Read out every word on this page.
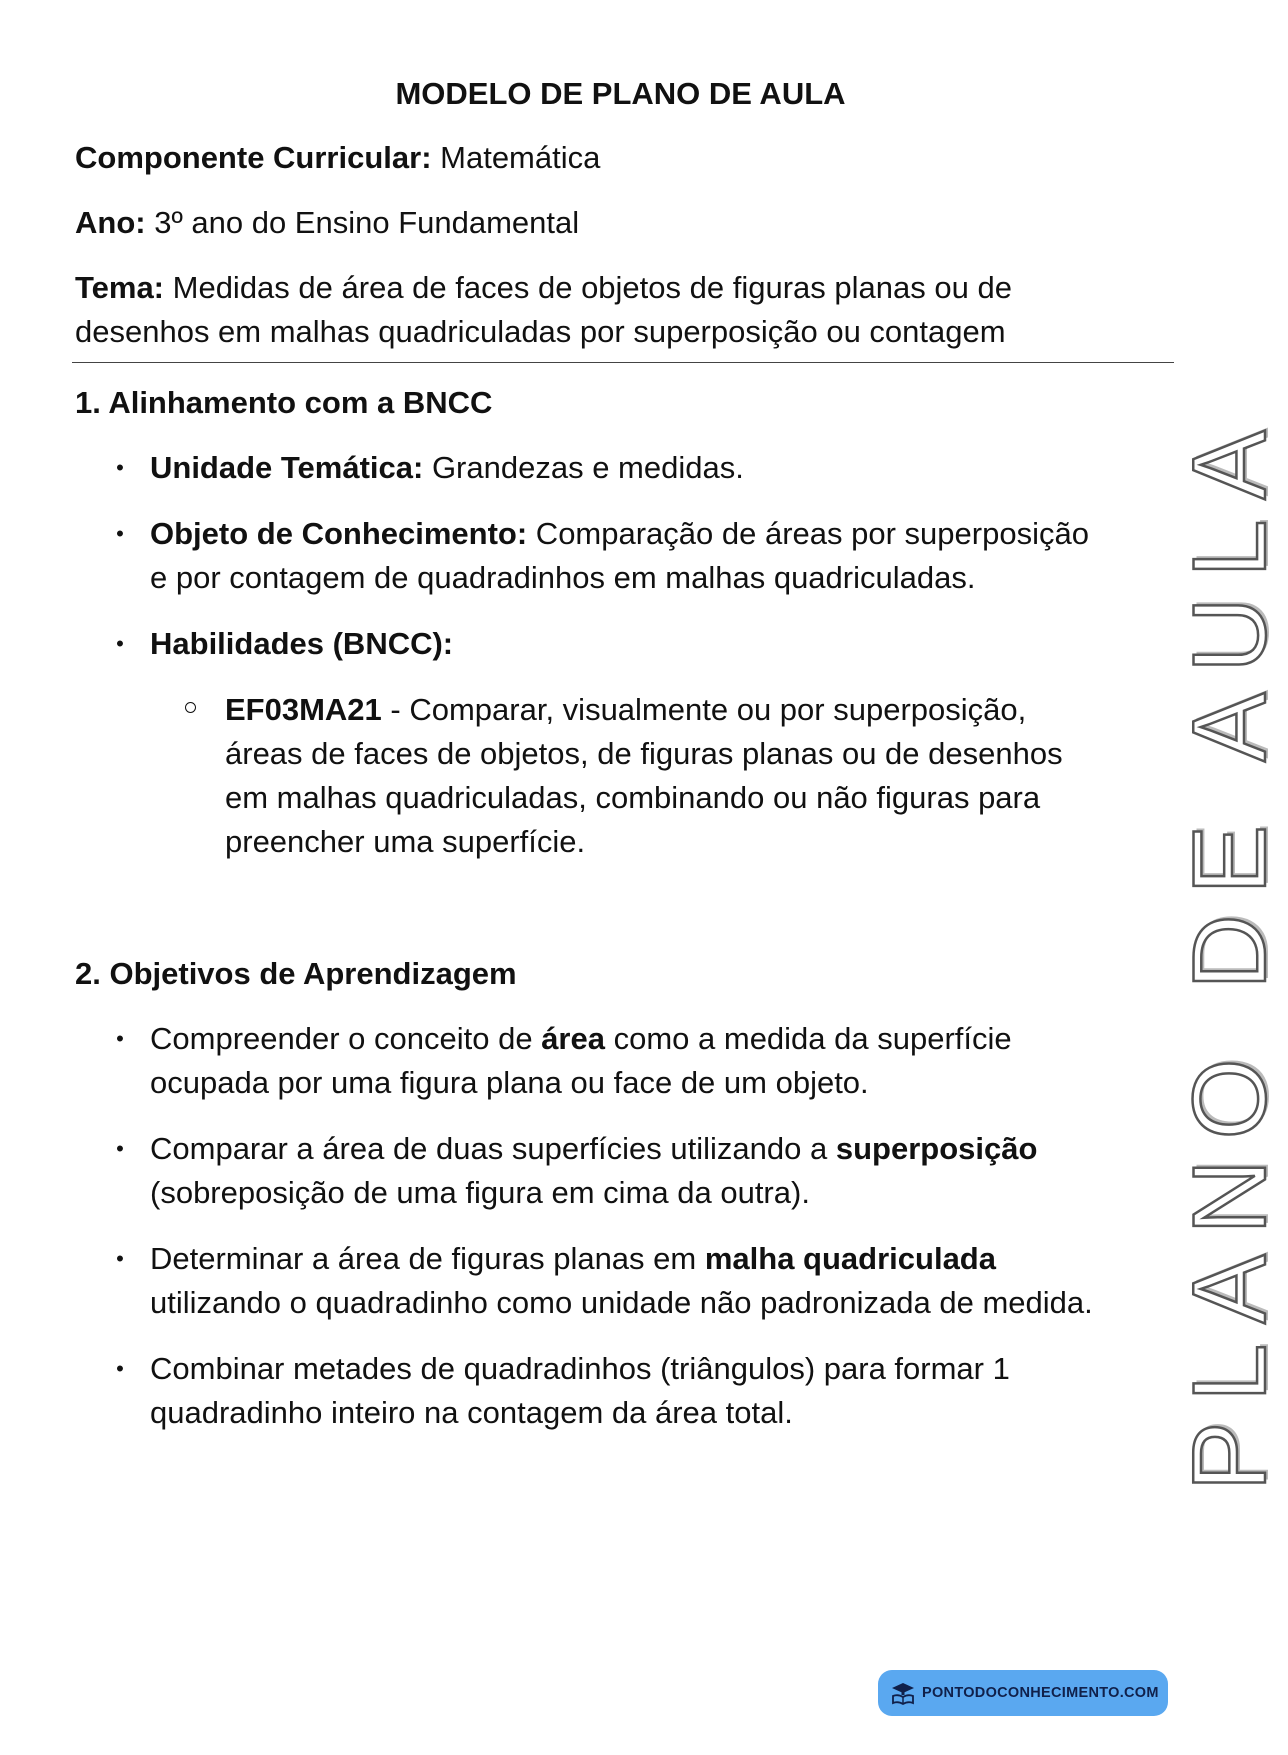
MODELO DE PLANO DE AULA
Componente Curricular: Matemática
Ano: 3º ano do Ensino Fundamental
Tema: Medidas de área de faces de objetos de figuras planas ou de
desenhos em malhas quadriculadas por superposição ou contagem
1. Alinhamento com a BNCC
• Unidade Temática: Grandezas e medidas.
• Objeto de Conhecimento: Comparação de áreas por superposição
e por contagem de quadradinhos em malhas quadriculadas.
• Habilidades (BNCC):
EF03MA21 - Comparar, visualmente ou por superposição,
áreas de faces de objetos, de figuras planas ou de desenhos
em malhas quadriculadas, combinando ou não figuras para
preencher uma superfície.
2. Objetivos de Aprendizagem
• Compreender o conceito de área como a medida da superfície
ocupada por uma figura plana ou face de um objeto.
• Comparar a área de duas superfícies utilizando a superposição
(sobreposição de uma figura em cima da outra).
• Determinar a área de figuras planas em malha quadriculada
utilizando o quadradinho como unidade não padronizada de medida.
• Combinar metades de quadradinhos (triângulos) para formar 1
quadradinho inteiro na contagem da área total.	PLANO DE AULA
PONTODOCONHECIMENTO.COM
